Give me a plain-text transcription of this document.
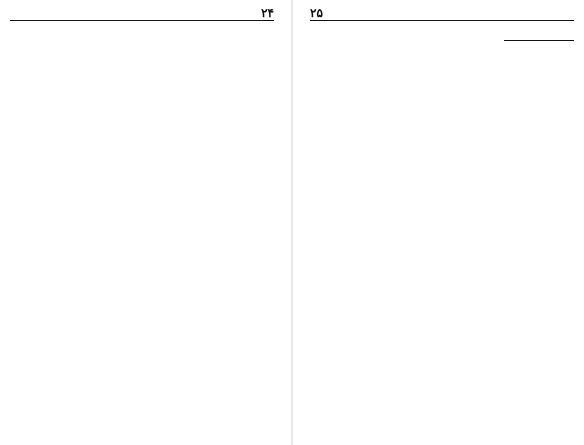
۲۴	۲۵
